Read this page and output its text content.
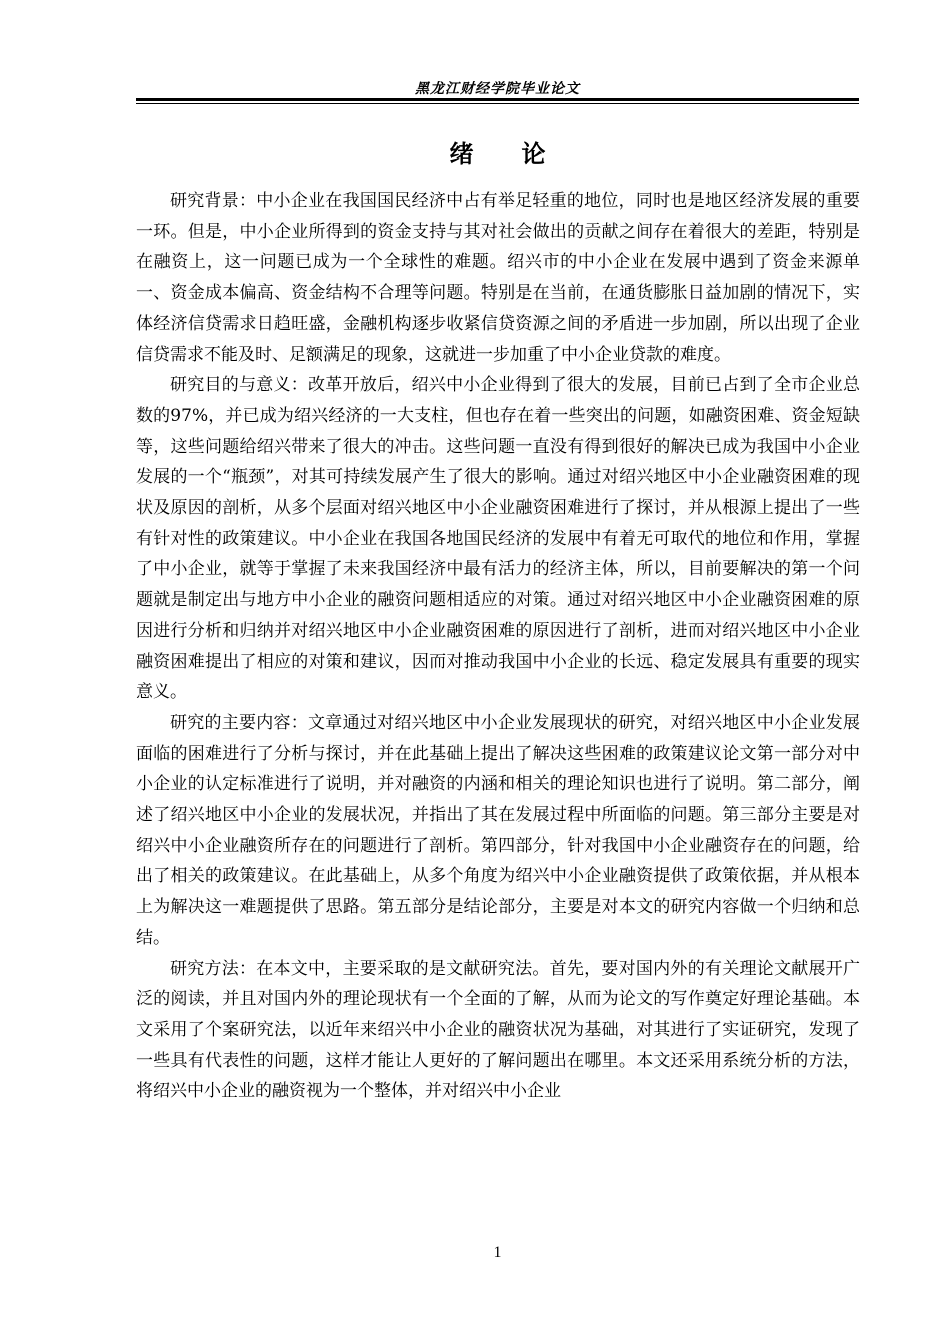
黑龙江财经学院毕业论文
绪论

研究背景：中小企业在我国国民经济中占有举足轻重的地位，同时也是地区经济发展的重要一环。但是，中小企业所得到的资金支持与其对社会做出的贡献之间存在着很大的差距，特别是在融资上，这一问题已成为一个全球性的难题。绍兴市的中小企业在发展中遇到了资金来源单一、资金成本偏高、资金结构不合理等问题。特别是在当前，在通货膨胀日益加剧的情况下，实体经济信贷需求日趋旺盛，金融机构逐步收紧信贷资源之间的矛盾进一步加剧，所以出现了企业信贷需求不能及时、足额满足的现象，这就进一步加重了中小企业贷款的难度。

研究目的与意义：改革开放后，绍兴中小企业得到了很大的发展，目前已占到了全市企业总数的97%，并已成为绍兴经济的一大支柱，但也存在着一些突出的问题，如融资困难、资金短缺等，这些问题给绍兴带来了很大的冲击。这些问题一直没有得到很好的解决已成为我国中小企业发展的一个“瓶颈”，对其可持续发展产生了很大的影响。通过对绍兴地区中小企业融资困难的现状及原因的剖析，从多个层面对绍兴地区中小企业融资困难进行了探讨，并从根源上提出了一些有针对性的政策建议。中小企业在我国各地国民经济的发展中有着无可取代的地位和作用，掌握了中小企业，就等于掌握了未来我国经济中最有活力的经济主体，所以，目前要解决的第一个问题就是制定出与地方中小企业的融资问题相适应的对策。通过对绍兴地区中小企业融资困难的原因进行分析和归纳并对绍兴地区中小企业融资困难的原因进行了剖析，进而对绍兴地区中小企业融资困难提出了相应的对策和建议，因而对推动我国中小企业的长远、稳定发展具有重要的现实意义。

研究的主要内容：文章通过对绍兴地区中小企业发展现状的研究，对绍兴地区中小企业发展面临的困难进行了分析与探讨，并在此基础上提出了解决这些困难的政策建议论文第一部分对中小企业的认定标准进行了说明，并对融资的内涵和相关的理论知识也进行了说明。第二部分，阐述了绍兴地区中小企业的发展状况，并指出了其在发展过程中所面临的问题。第三部分主要是对绍兴中小企业融资所存在的问题进行了剖析。第四部分，针对我国中小企业融资存在的问题，给出了相关的政策建议。在此基础上，从多个角度为绍兴中小企业融资提供了政策依据，并从根本上为解决这一难题提供了思路。第五部分是结论部分，主要是对本文的研究内容做一个归纳和总结。

研究方法：在本文中，主要采取的是文献研究法。首先，要对国内外的有关理论文献展开广泛的阅读，并且对国内外的理论现状有一个全面的了解，从而为论文的写作奠定好理论基础。本文采用了个案研究法，以近年来绍兴中小企业的融资状况为基础，对其进行了实证研究，发现了一些具有代表性的问题，这样才能让人更好的了解问题出在哪里。本文还采用系统分析的方法，将绍兴中小企业的融资视为一个整体，并对绍兴中小企业

1
